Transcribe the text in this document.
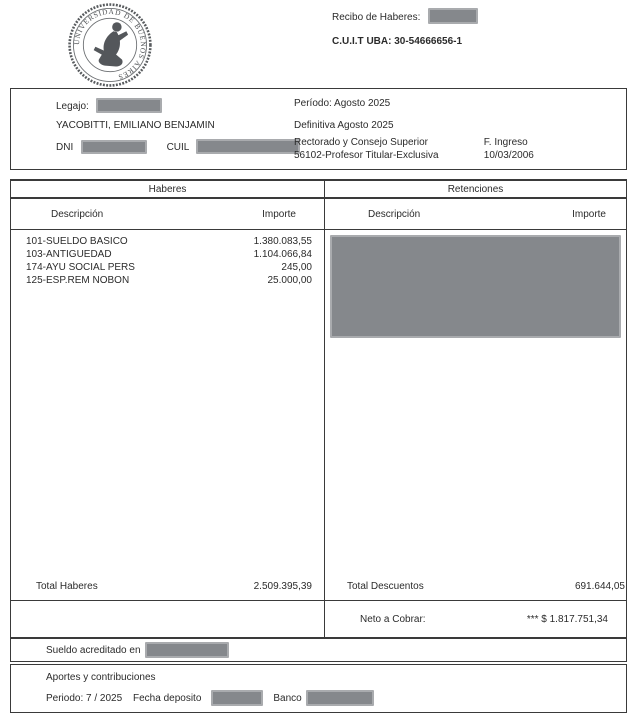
UNIVERSIDAD DE BUENOS AIRES
Recibo de Haberes:
C.U.I.T UBA: 30-54666656-1
Legajo:
YACOBITTI, EMILIANO BENJAMIN
DNI	CUIL
Período: Agosto 2025
Definitiva Agosto 2025
Rectorado y Consejo Superior	F. Ingreso
56102-Profesor Titular-Exclusiva	10/03/2006
Haberes	Retenciones
Descripción	Importe	Descripción	Importe
101-SUELDO BASICO	1.380.083,55
103-ANTIGUEDAD	1.104.066,84
174-AYU SOCIAL PERS	245,00
125-ESP.REM NOBON	25.000,00
Total Haberes	2.509.395,39	Total Descuentos	691.644,05
Neto a Cobrar:	*** $ 1.817.751,34
Sueldo acreditado en
Aportes y contribuciones
Periodo: 7 / 2025	Fecha deposito	Banco
